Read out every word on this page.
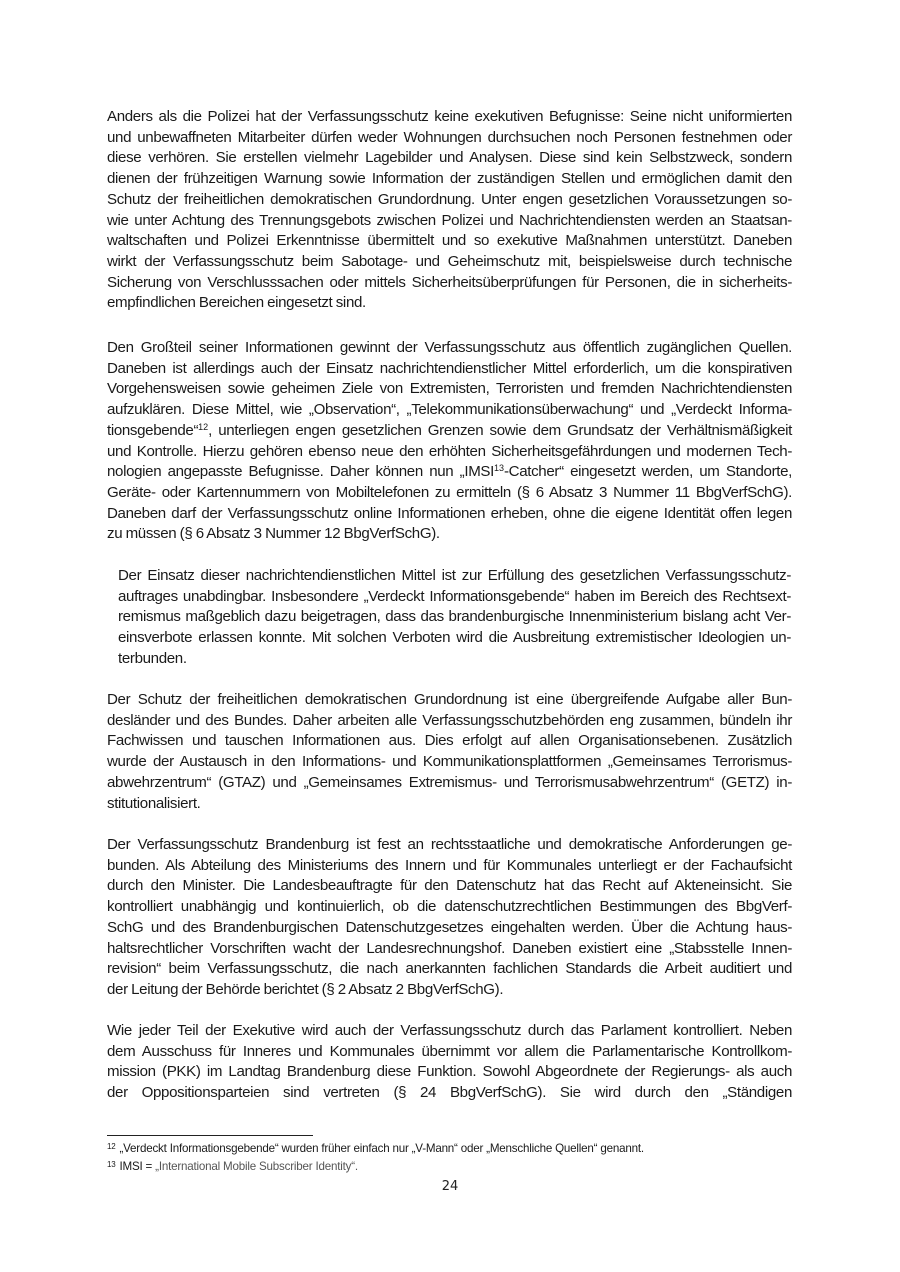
Anders als die Polizei hat der Verfassungsschutz keine exekutiven Befugnisse: Seine nicht uniformierten
und unbewaffneten Mitarbeiter dürfen weder Wohnungen durchsuchen noch Personen festnehmen oder
diese verhören. Sie erstellen vielmehr Lagebilder und Analysen. Diese sind kein Selbstzweck, sondern
dienen der frühzeitigen Warnung sowie Information der zuständigen Stellen und ermöglichen damit den
Schutz der freiheitlichen demokratischen Grundordnung. Unter engen gesetzlichen Voraussetzungen so-
wie unter Achtung des Trennungsgebots zwischen Polizei und Nachrichtendiensten werden an Staatsan-
waltschaften und Polizei Erkenntnisse übermittelt und so exekutive Maßnahmen unterstützt. Daneben
wirkt der Verfassungsschutz beim Sabotage- und Geheimschutz mit, beispielsweise durch technische
Sicherung von Verschlusssachen oder mittels Sicherheitsüberprüfungen für Personen, die in sicherheits-
empfindlichen Bereichen eingesetzt sind.
Den Großteil seiner Informationen gewinnt der Verfassungsschutz aus öffentlich zugänglichen Quellen.
Daneben ist allerdings auch der Einsatz nachrichtendienstlicher Mittel erforderlich, um die konspirativen
Vorgehensweisen sowie geheimen Ziele von Extremisten, Terroristen und fremden Nachrichtendiensten
aufzuklären. Diese Mittel, wie „Observation“, „Telekommunikationsüberwachung“ und „Verdeckt Informa-
tionsgebende“$^{12}$, unterliegen engen gesetzlichen Grenzen sowie dem Grundsatz der Verhältnismäßigkeit
und Kontrolle. Hierzu gehören ebenso neue den erhöhten Sicherheitsgefährdungen und modernen Tech-
nologien angepasste Befugnisse. Daher können nun „IMSI$^{13}$-Catcher“ eingesetzt werden, um Standorte,
Geräte- oder Kartennummern von Mobiltelefonen zu ermitteln (§ 6 Absatz 3 Nummer 11 BbgVerfSchG).
Daneben darf der Verfassungsschutz online Informationen erheben, ohne die eigene Identität offen legen
zu müssen (§ 6 Absatz 3 Nummer 12 BbgVerfSchG).
Der Einsatz dieser nachrichtendienstlichen Mittel ist zur Erfüllung des gesetzlichen Verfassungsschutz-
auftrages unabdingbar. Insbesondere „Verdeckt Informationsgebende“ haben im Bereich des Rechtsext-
remismus maßgeblich dazu beigetragen, dass das brandenburgische Innenministerium bislang acht Ver-
einsverbote erlassen konnte. Mit solchen Verboten wird die Ausbreitung extremistischer Ideologien un-
terbunden.
Der Schutz der freiheitlichen demokratischen Grundordnung ist eine übergreifende Aufgabe aller Bun-
desländer und des Bundes. Daher arbeiten alle Verfassungsschutzbehörden eng zusammen, bündeln ihr
Fachwissen und tauschen Informationen aus. Dies erfolgt auf allen Organisationsebenen. Zusätzlich
wurde der Austausch in den Informations- und Kommunikationsplattformen „Gemeinsames Terrorismus-
abwehrzentrum“ (GTAZ) und „Gemeinsames Extremismus- und Terrorismusabwehrzentrum“ (GETZ) in-
stitutionalisiert.
Der Verfassungsschutz Brandenburg ist fest an rechtsstaatliche und demokratische Anforderungen ge-
bunden. Als Abteilung des Ministeriums des Innern und für Kommunales unterliegt er der Fachaufsicht
durch den Minister. Die Landesbeauftragte für den Datenschutz hat das Recht auf Akteneinsicht. Sie
kontrolliert unabhängig und kontinuierlich, ob die datenschutzrechtlichen Bestimmungen des BbgVerf-
SchG und des Brandenburgischen Datenschutzgesetzes eingehalten werden. Über die Achtung haus-
haltsrechtlicher Vorschriften wacht der Landesrechnungshof. Daneben existiert eine „Stabsstelle Innen-
revision“ beim Verfassungsschutz, die nach anerkannten fachlichen Standards die Arbeit auditiert und
der Leitung der Behörde berichtet (§ 2 Absatz 2 BbgVerfSchG).
Wie jeder Teil der Exekutive wird auch der Verfassungsschutz durch das Parlament kontrolliert. Neben
dem Ausschuss für Inneres und Kommunales übernimmt vor allem die Parlamentarische Kontrollkom-
mission (PKK) im Landtag Brandenburg diese Funktion. Sowohl Abgeordnete der Regierungs- als auch
der Oppositionsparteien sind vertreten (§ 24 BbgVerfSchG). Sie wird durch den „Ständigen
$^{12}$ „Verdeckt Informationsgebende“ wurden früher einfach nur „V-Mann“ oder „Menschliche Quellen“ genannt.
$^{13}$ IMSI = „International Mobile Subscriber Identity“.
24
